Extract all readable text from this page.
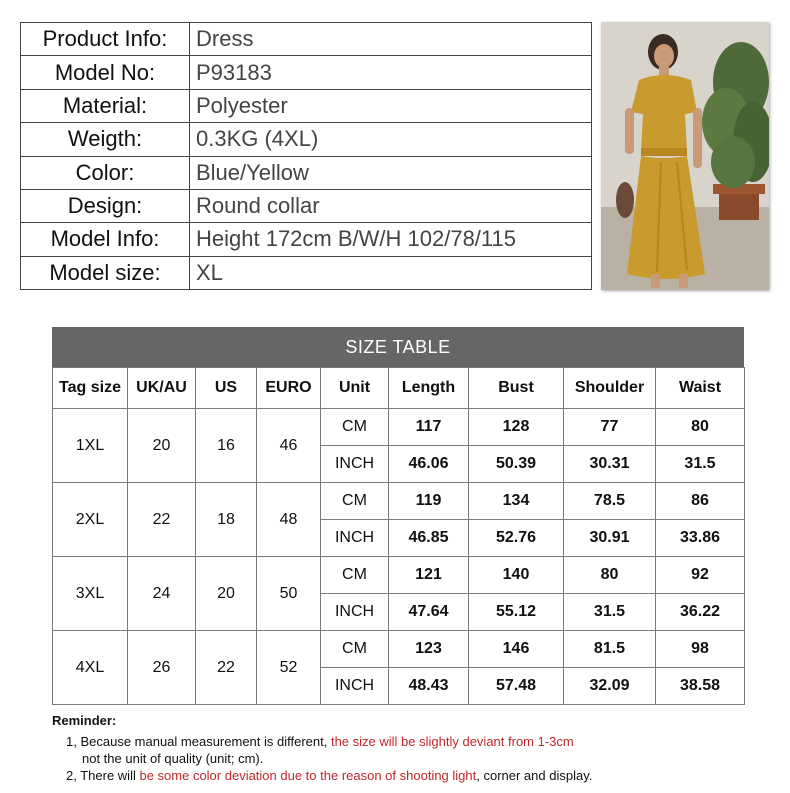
Product Info:	Dress
Model No:	P93183
Material:	Polyester
Weigth:	0.3KG (4XL)
Color:	Blue/Yellow
Design:	Round collar
Model Info:	Height 172cm B/W/H 102/78/115
Model size:	XL
SIZE TABLE
Tag size	UK/AU	US	EURO	Unit	Length	Bust	Shoulder	Waist
1XL	20	16	46	CM	117	128	77	80
				INCH	46.06	50.39	30.31	31.5
2XL	22	18	48	CM	119	134	78.5	86
				INCH	46.85	52.76	30.91	33.86
3XL	24	20	50	CM	121	140	80	92
				INCH	47.64	55.12	31.5	36.22
4XL	26	22	52	CM	123	146	81.5	98
				INCH	48.43	57.48	32.09	38.58
Reminder:
1, Because manual measurement is different, the size will be slightly deviant from 1-3cm
not the unit of quality (unit; cm).
2, There will be some color deviation due to the reason of shooting light, corner and display.
